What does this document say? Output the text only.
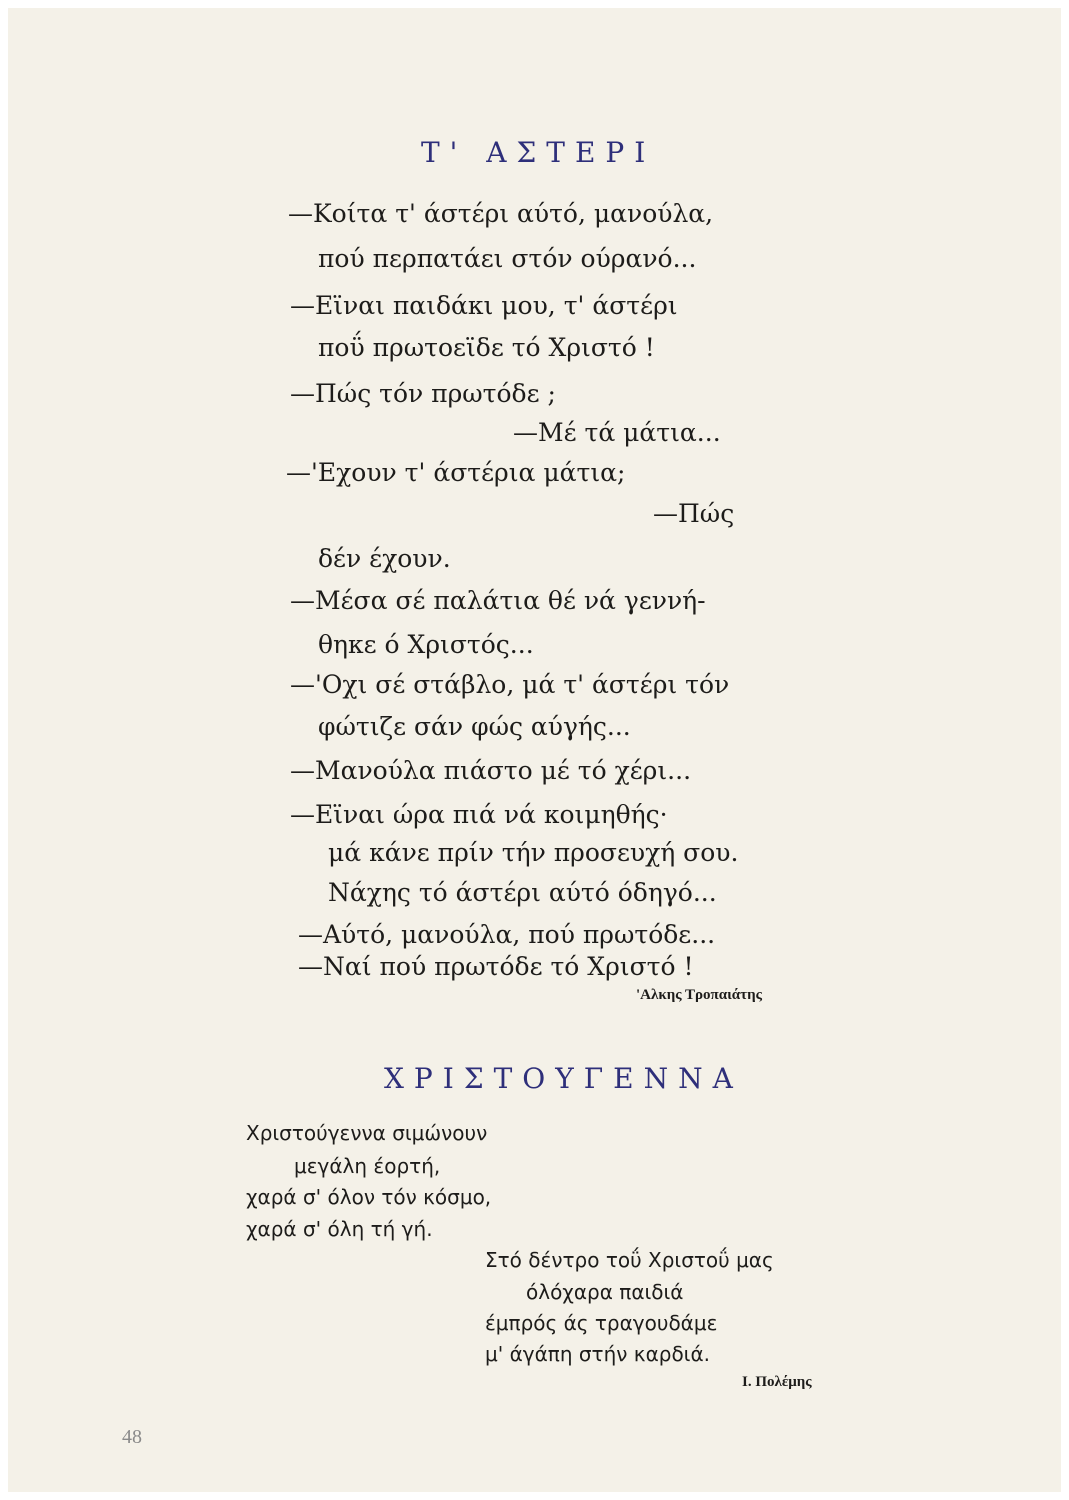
Τ' ΑΣΤΕΡΙ
—Κοίτα τ' άστέρι αύτό, μανούλα,
πού περπατάει στόν ούρανό...
—Εϊναι παιδάκι μου, τ' άστέρι
ποΰ πρωτοεϊδε τό Χριστό !
—Πώς τόν πρωτόδε ;
—Μέ τά μάτια...
—'Εχουν τ' άστέρια μάτια;
—Πώς
δέν έχουν.
—Μέσα σέ παλάτια θέ νά γεννή-
θηκε ό Χριστός...
—'Οχι σέ στάβλο, μά τ' άστέρι τόν
φώτιζε σάν φώς αύγής...
—Μανούλα πιάστο μέ τό χέρι...
—Εϊναι ώρα πιά νά κοιμηθής·
μά κάνε πρίν τήν προσευχή σου.
Νάχης τό άστέρι αύτό όδηγό...
—Αύτό, μανούλα, πού πρωτόδε...
—Ναί πού πρωτόδε τό Χριστό !
'Αλκης Τροπαιάτης
ΧΡΙΣΤΟΥΓΕΝΝΑ
Χριστούγεννα σιμώνουν
μεγάλη έορτή,
χαρά σ' όλον τόν κόσμο,
χαρά σ' όλη τή γή.
Στό δέντρο τοΰ Χριστοΰ μας
όλόχαρα παιδιά
έμπρός άς τραγουδάμε
μ' άγάπη στήν καρδιά.
Ι. Πολέμης
48
